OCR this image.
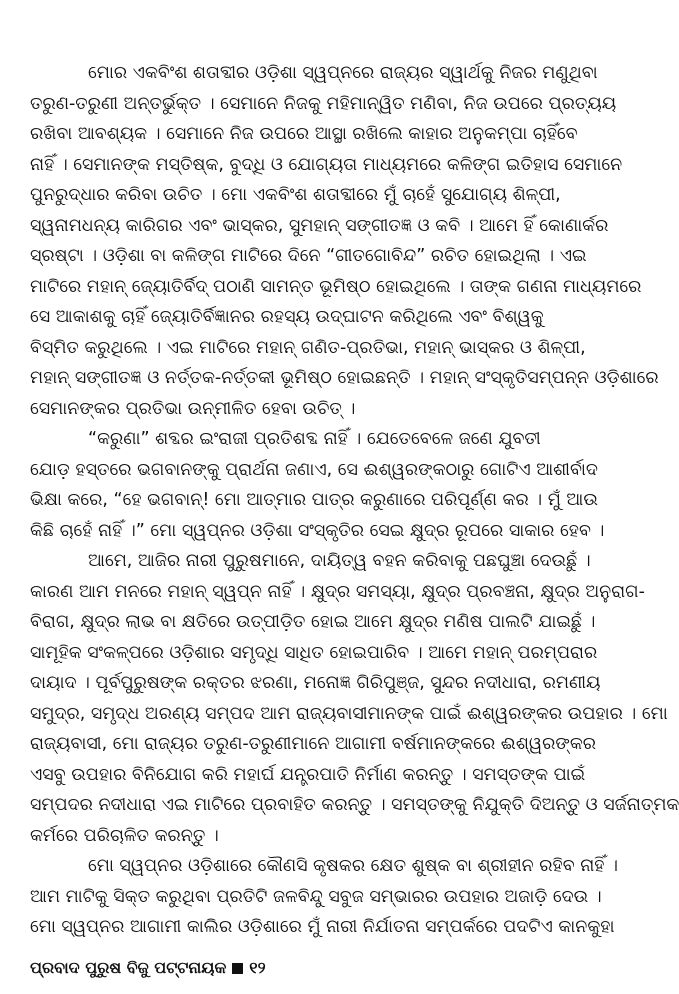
ମୋର ଏକବିଂଶ ଶତାବ୍ଦୀର ଓଡ଼ିଶା ସ୍ୱପ୍ନରେ ରାଜ୍ୟର ସ୍ୱାର୍ଥକୁ ନିଜର ମଣୁଥିବା

ତରୁଣ-ତରୁଣୀ ଅନ୍ତର୍ଭୁକ୍ତ । ସେମାନେ ନିଜକୁ ମହିମାନ୍ୱିତ ମଣିବା, ନିଜ ଉପରେ ପ୍ରତ୍ୟୟ

ରଖିବା ଆବଶ୍ୟକ । ସେମାନେ ନିଜ ଉପରେ ଆସ୍ଥା ରଖିଲେ କାହାର ଅନୁକମ୍ପା ଚାହିଁବେ

ନାହିଁ । ସେମାନଙ୍କ ମସ୍ତିଷ୍କ, ବୁଦ୍ଧି ଓ ଯୋଗ୍ୟତା ମାଧ୍ୟମରେ କଳିଙ୍ଗ ଇତିହାସ ସେମାନେ

ପୁନରୁଦ୍ଧାର କରିବା ଉଚିତ । ମୋ ଏକବିଂଶ ଶତାବ୍ଦୀରେ ମୁଁ ଚାହେଁ ସୁଯୋଗ୍ୟ ଶିଳ୍ପୀ,

ସ୍ୱନାମଧନ୍ୟ କାରିଗର ଏବଂ ଭାସ୍କର, ସୁମହାନ୍ ସଙ୍ଗୀତଜ୍ଞ ଓ କବି । ଆମେ ହିଁ କୋଣାର୍କର

ସ୍ରଷ୍ଟା । ଓଡ଼ିଶା ବା କଳିଙ୍ଗ ମାଟିରେ ଦିନେ “ଗୀତଗୋବିନ୍ଦ” ରଚିତ ହୋଇଥିଲା । ଏଇ

ମାଟିରେ ମହାନ୍ ଜ୍ୟୋତିର୍ବିଦ୍ ପଠାଣି ସାମନ୍ତ ଭୂମିଷ୍ଠ ହୋଇଥିଲେ । ତାଙ୍କ ଗଣନା ମାଧ୍ୟମରେ

ସେ ଆକାଶକୁ ଚାହିଁ ଜ୍ୟୋତିର୍ବିଜ୍ଞାନର ରହସ୍ୟ ଉଦ୍‌ଘାଟନ କରିଥିଲେ ଏବଂ ବିଶ୍ୱକୁ

ବିସ୍ମିତ କରୁଥିଲେ । ଏଇ ମାଟିରେ ମହାନ୍ ଗଣିତ-ପ୍ରତିଭା, ମହାନ୍ ଭାସ୍କର ଓ ଶିଳ୍ପୀ,

ମହାନ୍ ସଙ୍ଗୀତଜ୍ଞ ଓ ନର୍ତ୍ତକ-ନର୍ତ୍ତକୀ ଭୂମିଷ୍ଠ ହୋଇଛନ୍ତି । ମହାନ୍ ସଂସ୍କୃତିସମ୍ପନ୍ନ ଓଡ଼ିଶାରେ

ସେମାନଙ୍କର ପ୍ରତିଭା ଉନ୍ମୀଳିତ ହେବା ଉଚିତ୍ ।

“କରୁଣା” ଶବ୍ଦର ଇଂରାଜୀ ପ୍ରତିଶବ୍ଦ ନାହିଁ । ଯେତେବେଳେ ଜଣେ ଯୁବତୀ

ଯୋଡ଼ ହସ୍ତରେ ଭଗବାନଙ୍କୁ ପ୍ରାର୍ଥନା ଜଣାଏ, ସେ ଈଶ୍ୱରଙ୍କଠାରୁ ଗୋଟିଏ ଆଶୀର୍ବାଦ

ଭିକ୍ଷା କରେ, “ହେ ଭଗବାନ୍! ମୋ ଆତ୍ମାର ପାତ୍ର କରୁଣାରେ ପରିପୂର୍ଣ୍ଣ କର । ମୁଁ ଆଉ

କିଛି ଚାହେଁ ନାହିଁ ।” ମୋ ସ୍ୱପ୍ନର ଓଡ଼ିଶା ସଂସ୍କୃତିର ସେଇ କ୍ଷୁଦ୍ର ରୂପରେ ସାକାର ହେବ ।

ଆମେ, ଆଜିର ନାରୀ ପୁରୁଷମାନେ, ଦାୟିତ୍ୱ ବହନ କରିବାକୁ ପଛଘୁଞ୍ଚା ଦେଉଛୁଁ ।

କାରଣ ଆମ ମନରେ ମହାନ୍ ସ୍ୱପ୍ନ ନାହିଁ । କ୍ଷୁଦ୍ର ସମସ୍ୟା, କ୍ଷୁଦ୍ର ପ୍ରବଞ୍ଚନା, କ୍ଷୁଦ୍ର ଅନୁରାଗ-

ବିରାଗ, କ୍ଷୁଦ୍ର ଲାଭ ବା କ୍ଷତିରେ ଉତ୍ପୀଡ଼ିତ ହୋଇ ଆମେ କ୍ଷୁଦ୍ର ମଣିଷ ପାଲଟି ଯାଇଛୁଁ ।

ସାମୂହିକ ସଂକଳ୍ପରେ ଓଡ଼ିଶାର ସମୃଦ୍ଧି ସାଧିତ ହୋଇପାରିବ । ଆମେ ମହାନ୍ ପରମ୍ପରାର

ଦାୟାଦ । ପୂର୍ବପୁରୁଷଙ୍କ ରକ୍ତର ଝରଣା, ମନୋଜ୍ଞ ଗିରିପୁଞ୍ଜ, ସୁନ୍ଦର ନଦୀଧାରା, ରମଣୀୟ

ସମୁଦ୍ର, ସମୃଦ୍ଧ ଅରଣ୍ୟ ସମ୍ପଦ ଆମ ରାଜ୍ୟବାସୀମାନଙ୍କ ପାଇଁ ଈଶ୍ୱରଙ୍କର ଉପହାର । ମୋ

ରାଜ୍ୟବାସୀ, ମୋ ରାଜ୍ୟର ତରୁଣ-ତରୁଣୀମାନେ ଆଗାମୀ ବର୍ଷମାନଙ୍କରେ ଈଶ୍ୱରଙ୍କର

ଏସବୁ ଉପହାର ବିନିଯୋଗ କରି ମହାର୍ଘ ଯନ୍ତ୍ରପାତି ନିର୍ମାଣ କରନ୍ତୁ । ସମସ୍ତଙ୍କ ପାଇଁ

ସମ୍ପଦର ନଦୀଧାରା ଏଇ ମାଟିରେ ପ୍ରବାହିତ କରନ୍ତୁ । ସମସ୍ତଙ୍କୁ ନିଯୁକ୍ତି ଦିଅନ୍ତୁ ଓ ସର୍ଜନାତ୍ମକ

କର୍ମରେ ପରିଚାଳିତ କରନ୍ତୁ ।

ମୋ ସ୍ୱପ୍ନର ଓଡ଼ିଶାରେ କୌଣସି କୃଷକର କ୍ଷେତ ଶୁଷ୍କ ବା ଶ୍ରୀହୀନ ରହିବ ନାହିଁ ।

ଆମ ମାଟିକୁ ସିକ୍ତ କରୁଥିବା ପ୍ରତିଟି ଜଳବିନ୍ଦୁ ସବୁଜ ସମ୍ଭାରର ଉପହାର ଅଜାଡ଼ି ଦେଉ ।

ମୋ ସ୍ୱପ୍ନର ଆଗାମୀ କାଲିର ଓଡ଼ିଶାରେ ମୁଁ ନାରୀ ନିର୍ଯାତନା ସମ୍ପର୍କରେ ପଦଟିଏ କାନକୁହା

ପ୍ରବାଦ ପୁରୁଷ ବିଜୁ ପଟ୍ଟନାୟକ ୧୨
